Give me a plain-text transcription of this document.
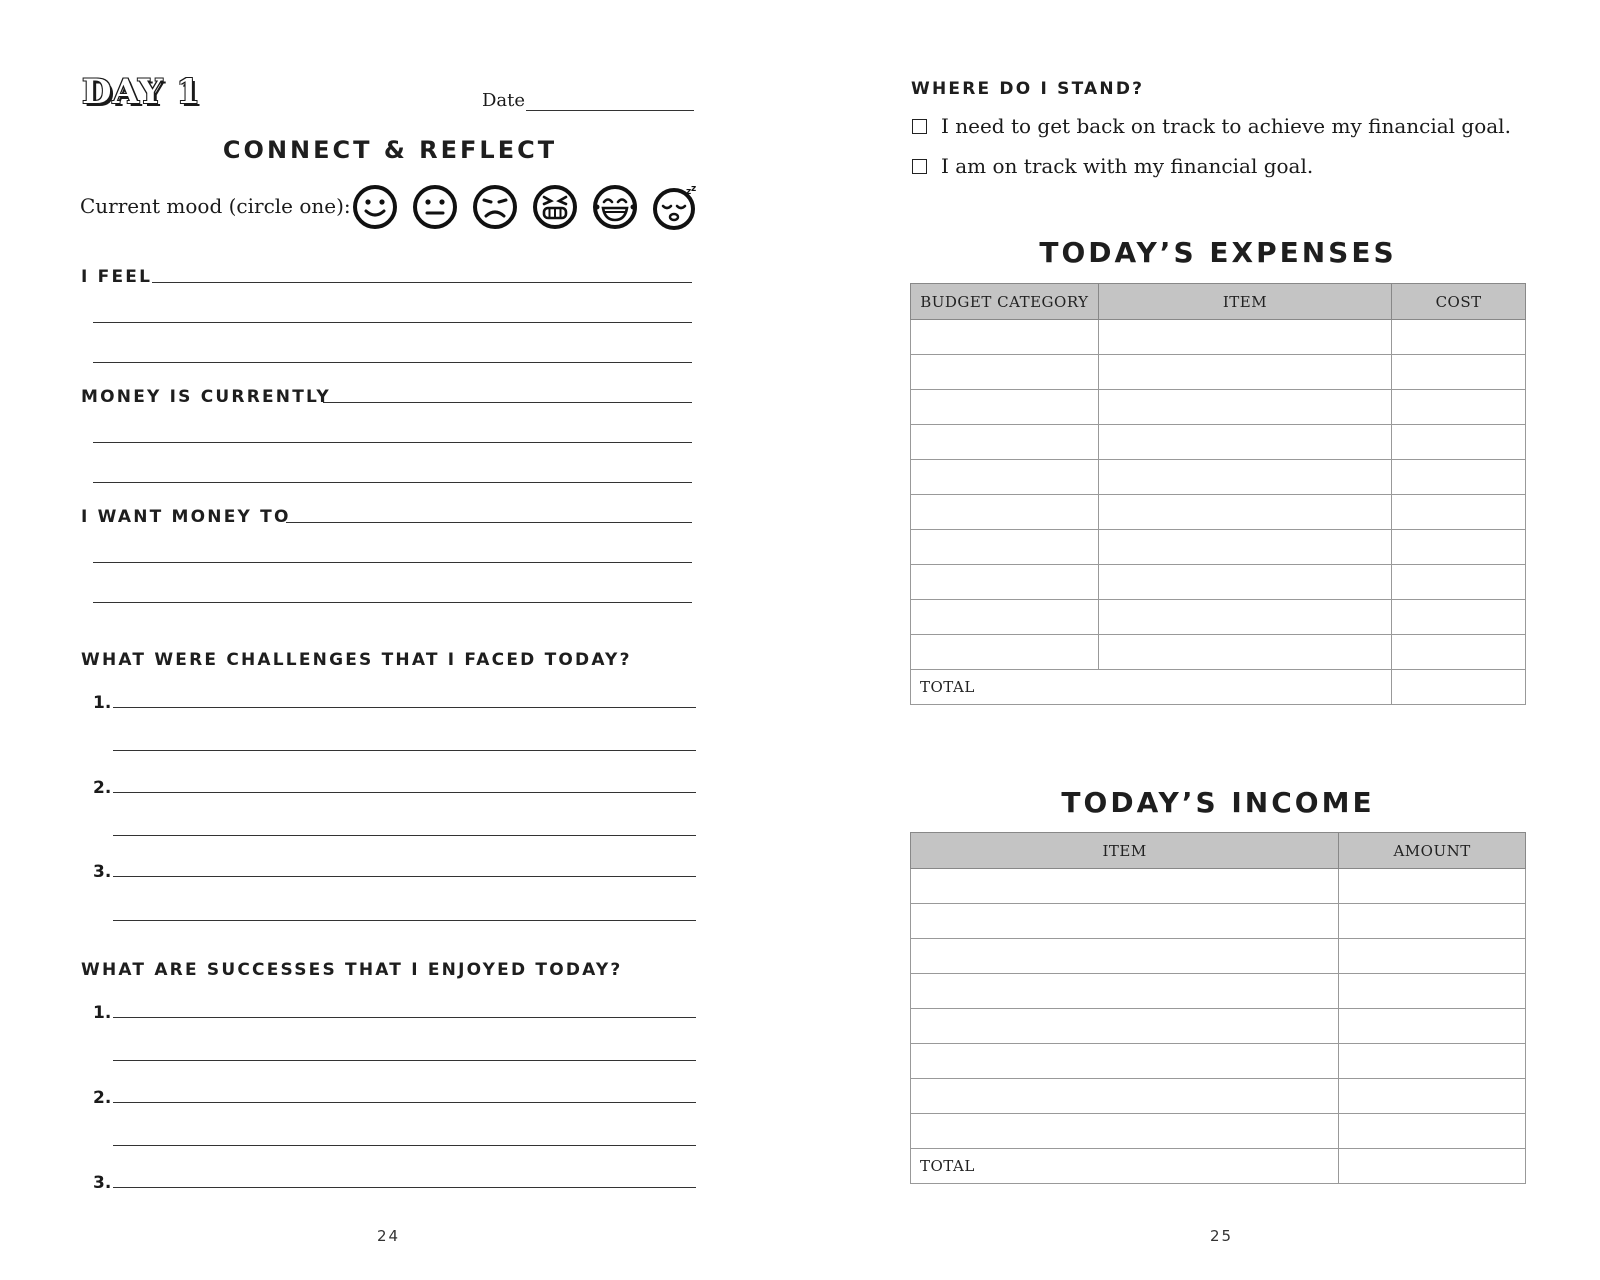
DAY 1	Date
CONNECT & REFLECT
Current mood (circle one):
z z
I FEEL
MONEY IS CURRENTLY
I WANT MONEY TO
WHAT WERE CHALLENGES THAT I FACED TODAY?
1.
2.
3.
WHAT ARE SUCCESSES THAT I ENJOYED TODAY?
1.
2.
3.
24
WHERE DO I STAND?
I need to get back on track to achieve my financial goal.
I am on track with my financial goal.
TODAY’S EXPENSES
BUDGET CATEGORY	ITEM	COST

TOTAL		
TODAY’S INCOME
ITEM	AMOUNT

TOTAL	
25
